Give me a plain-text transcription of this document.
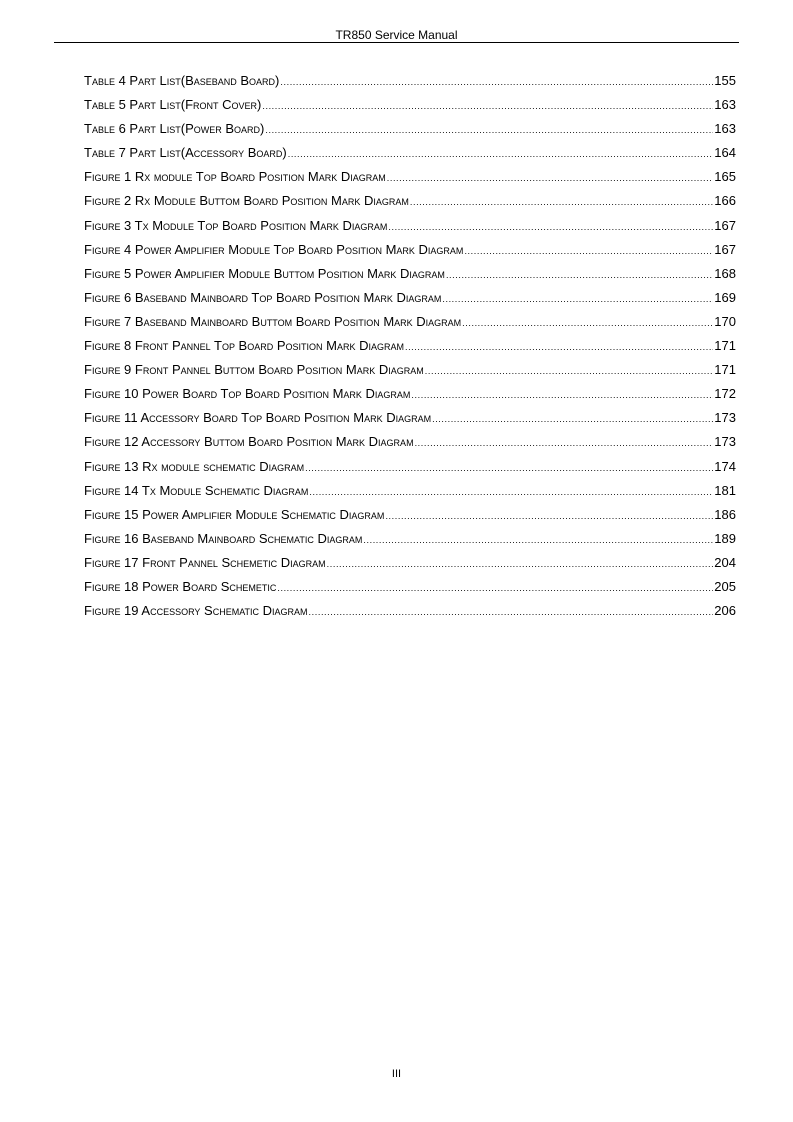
TR850 Service Manual
Table 4 Part List(Baseband Board) .....	155
Table 5 Part List(Front Cover) .....	163
Table 6 Part List(Power Board) .....	163
Table 7 Part List(Accessory Board) .....	164
Figure 1 Rx module Top Board Position Mark Diagram .....	165
Figure 2 Rx Module Buttom Board Position Mark Diagram .....	166
Figure 3 Tx Module Top Board Position Mark Diagram .....	167
Figure 4 Power Amplifier Module Top Board Position Mark Diagram .....	167
Figure 5 Power Amplifier Module Buttom Position Mark Diagram .....	168
Figure 6 Baseband Mainboard Top Board Position Mark Diagram .....	169
Figure 7 Baseband Mainboard Buttom Board Position Mark Diagram .....	170
Figure 8 Front Pannel Top Board Position Mark Diagram .....	171
Figure 9 Front Pannel Buttom Board Position Mark Diagram .....	171
Figure 10 Power Board Top Board Position Mark Diagram .....	172
Figure 11 Accessory Board Top Board Position Mark Diagram .....	173
Figure 12 Accessory Buttom Board Position Mark Diagram .....	173
Figure 13 Rx module schematic Diagram .....	174
Figure 14 Tx Module Schematic Diagram .....	181
Figure 15 Power Amplifier Module Schematic Diagram .....	186
Figure 16 Baseband Mainboard Schematic Diagram .....	189
Figure 17 Front Pannel Schemetic Diagram .....	204
Figure 18 Power Board Schemetic .....	205
Figure 19 Accessory Schematic Diagram .....	206
III
